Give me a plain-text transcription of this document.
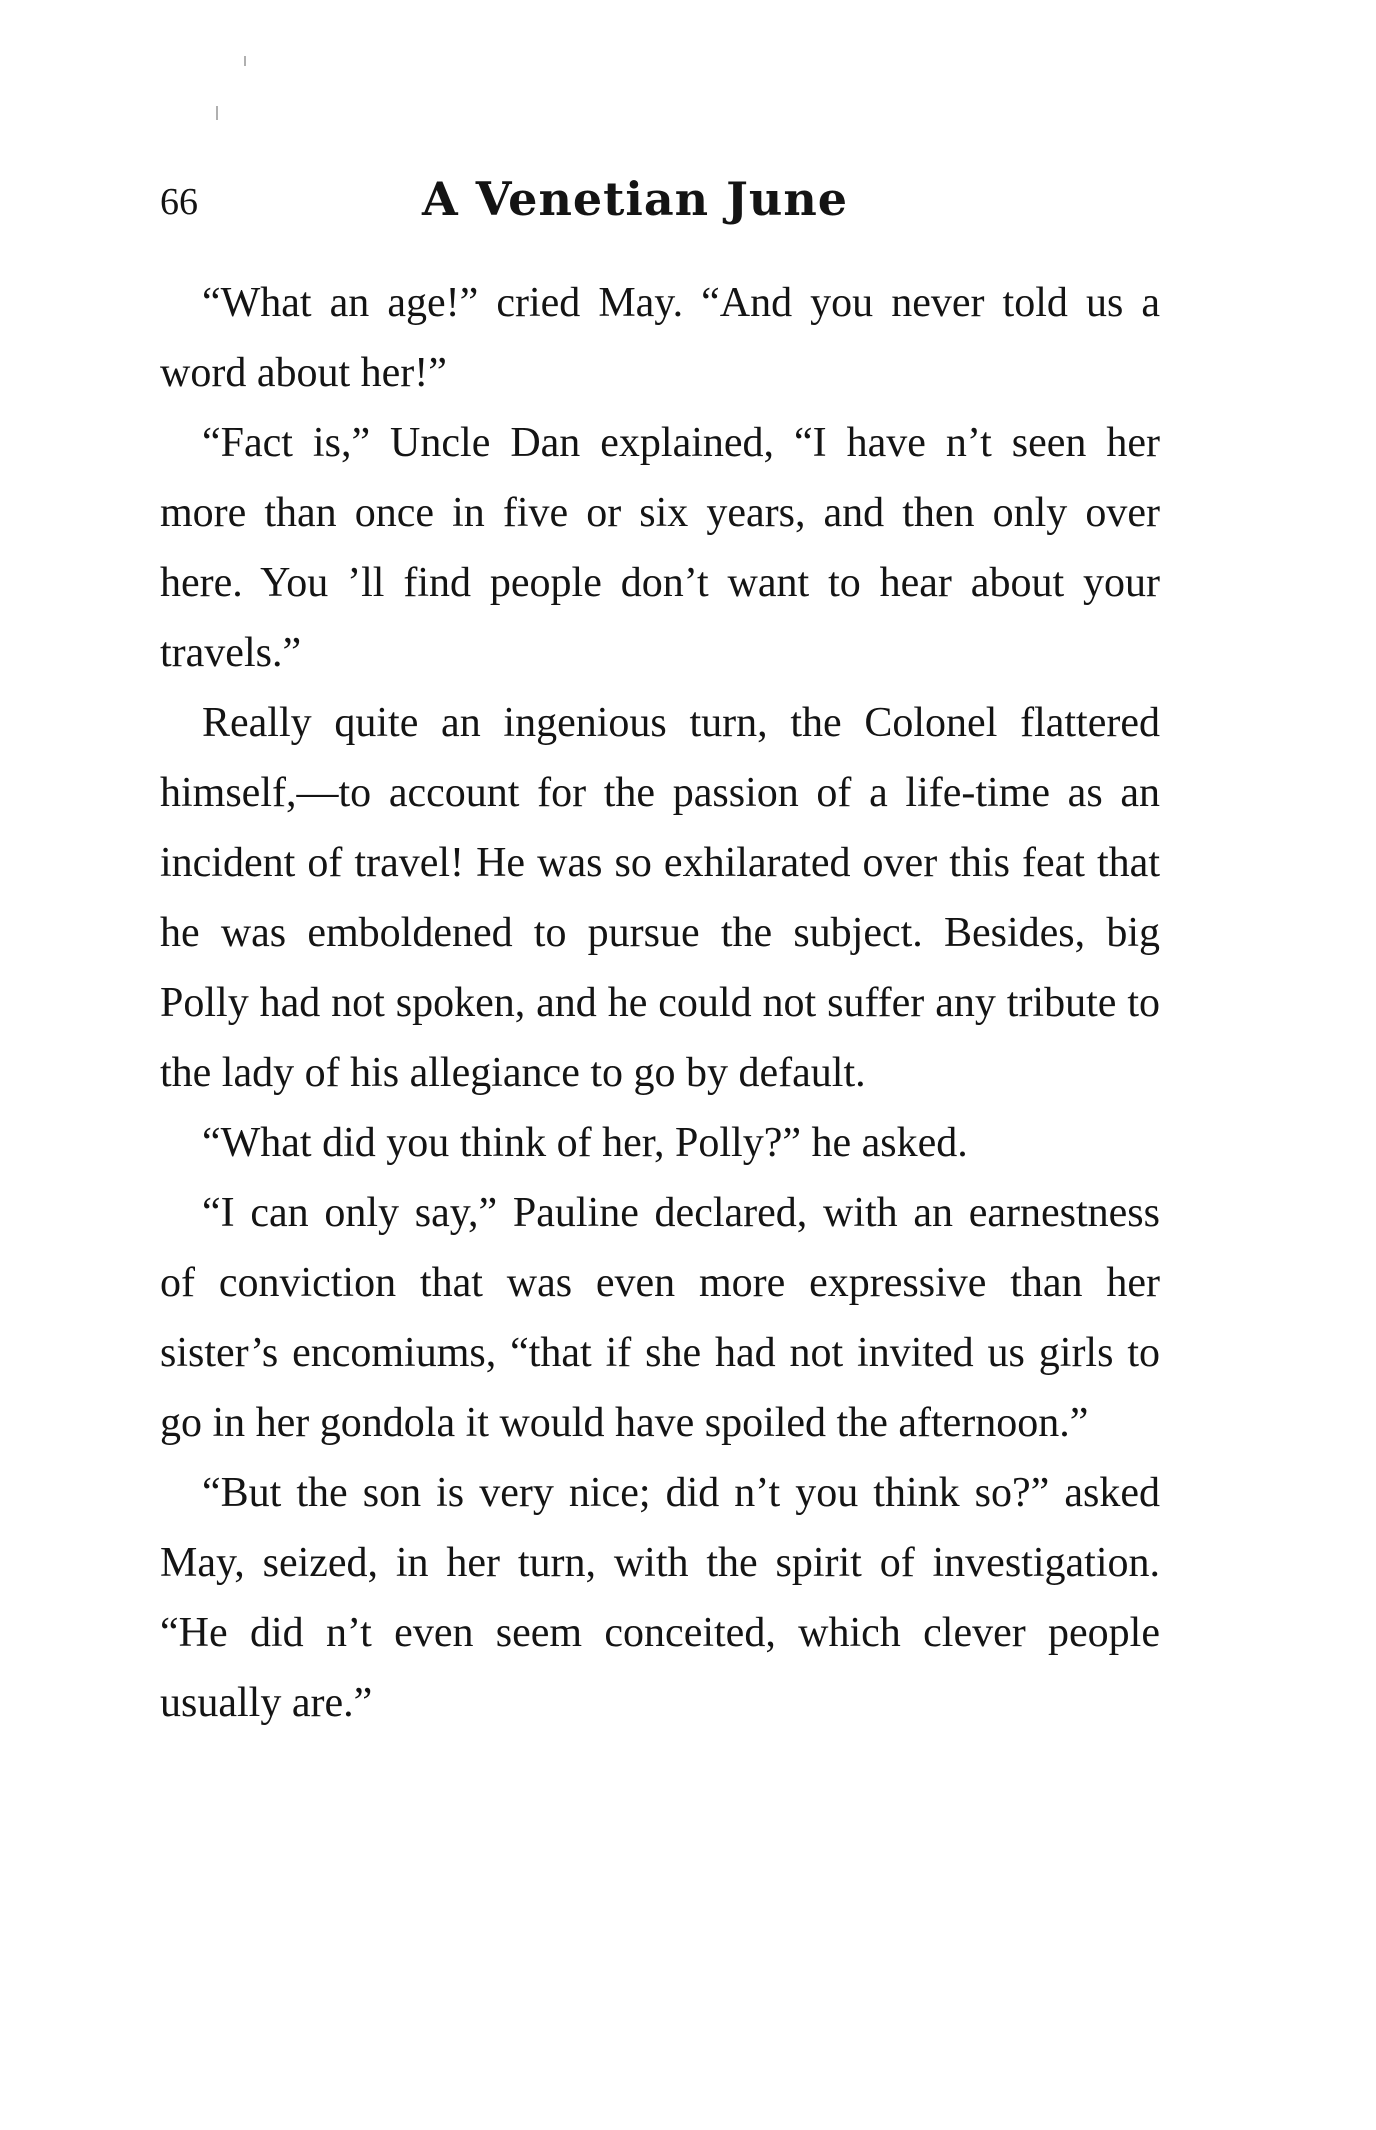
66	A Venetian June

“What an age!” cried May. “And you never told us a word about her!”

“Fact is,” Uncle Dan explained, “I have n’t seen her more than once in five or six years, and then only over here. You ’ll find people don’t want to hear about your travels.”

Really quite an ingenious turn, the Colonel flattered himself,—to account for the passion of a life-time as an incident of travel! He was so exhilarated over this feat that he was emboldened to pursue the subject. Besides, big Polly had not spoken, and he could not suffer any tribute to the lady of his allegiance to go by default.

“What did you think of her, Polly?” he asked.

“I can only say,” Pauline declared, with an earnestness of conviction that was even more expressive than her sister’s encomiums, “that if she had not invited us girls to go in her gondola it would have spoiled the afternoon.”

“But the son is very nice; did n’t you think so?” asked May, seized, in her turn, with the spirit of investigation. “He did n’t even seem conceited, which clever people usually are.”
